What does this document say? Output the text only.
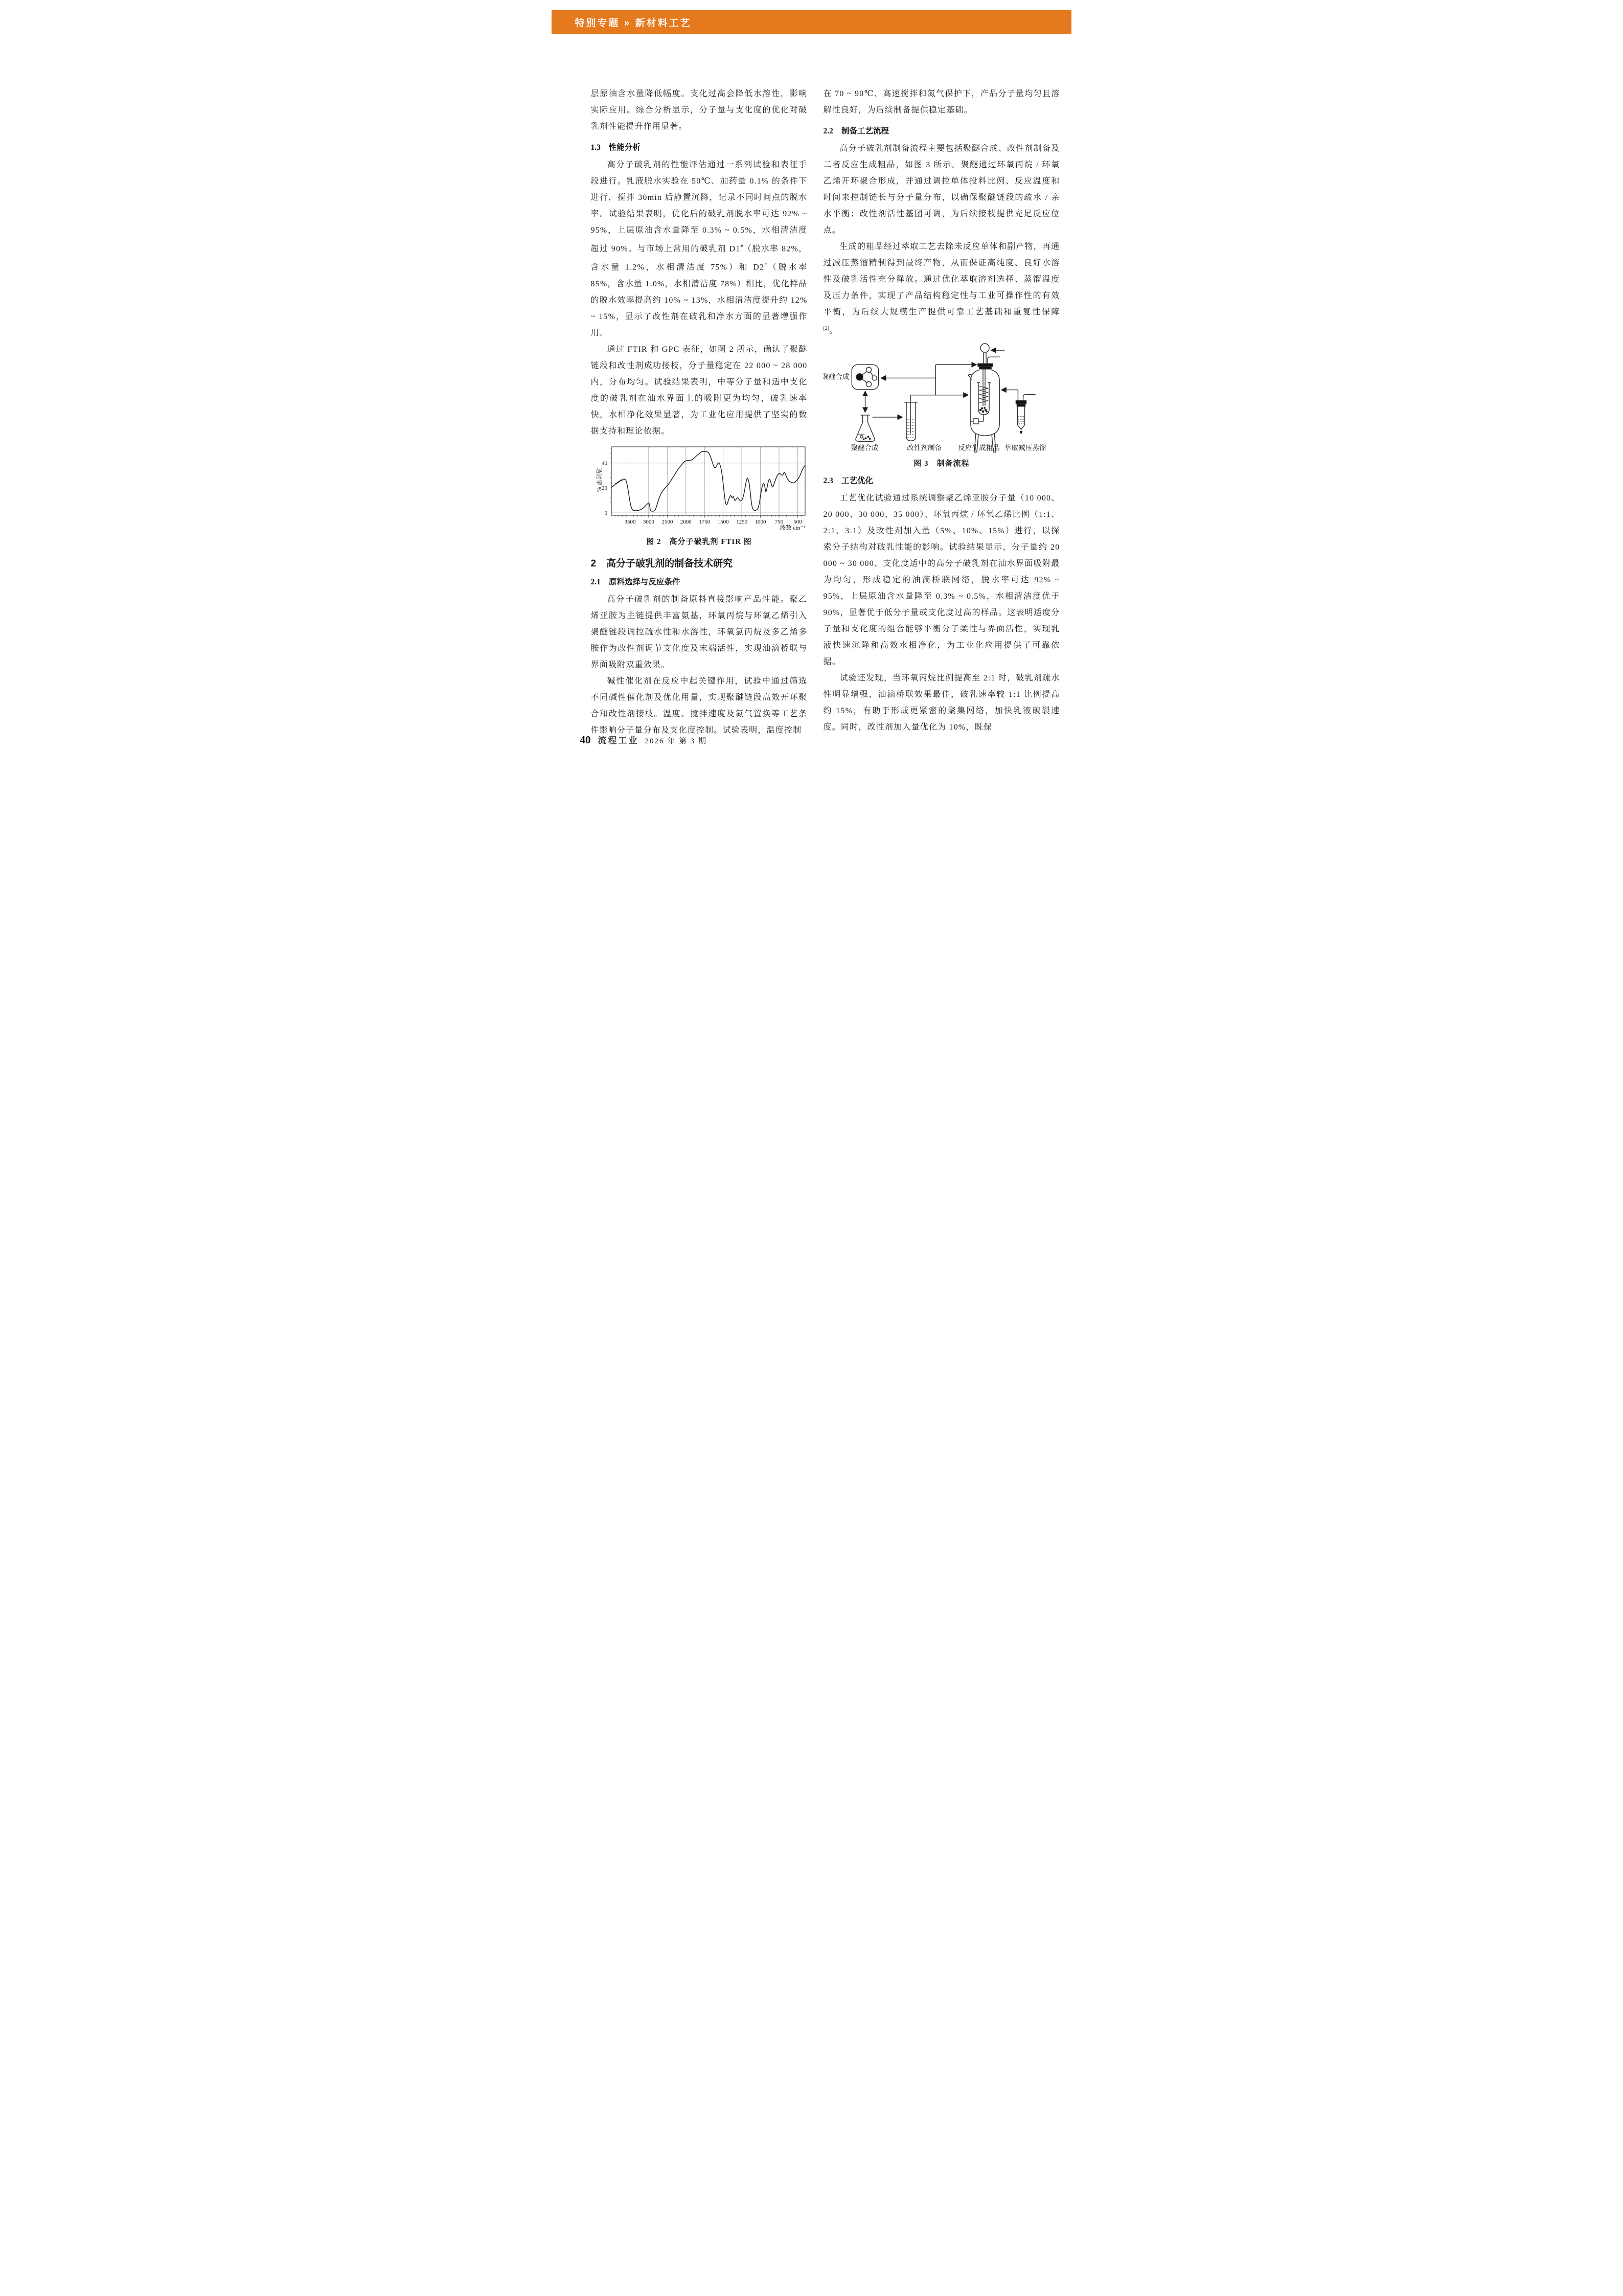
特别专题 » 新材料工艺

层原油含水量降低幅度。支化过高会降低水溶性，影响实际应用。综合分析显示，分子量与支化度的优化对破乳剂性能提升作用显著。

1.3 性能分析

高分子破乳剂的性能评估通过一系列试验和表征手段进行。乳液脱水实验在 50℃、加药量 0.1% 的条件下进行，搅拌 30min 后静置沉降，记录不同时间点的脱水率。试验结果表明，优化后的破乳剂脱水率可达 92% ~ 95%，上层原油含水量降至 0.3% ~ 0.5%，水相清洁度超过 90%。与市场上常用的破乳剂 D1#（脱水率 82%，含水量 1.2%，水相清洁度 75%）和 D2#（脱水率 85%，含水量 1.0%，水相清洁度 78%）相比，优化样品的脱水效率提高约 10% ~ 13%，水相清洁度提升约 12% ~ 15%，显示了改性剂在破乳和净水方面的显著增强作用。

通过 FTIR 和 GPC 表征，如图 2 所示，确认了聚醚链段和改性剂成功接枝，分子量稳定在 22 000 ~ 28 000 内，分布均匀。试验结果表明，中等分子量和适中支化度的破乳剂在油水界面上的吸附更为均匀，破乳速率快，水相净化效果显著，为工业化应用提供了坚实的数据支持和理论依据。

0
20
40
3500 3000 2500 2000 1750 1500 1250 1000 750 500
透过率 %
波数 cm⁻¹
图 2　高分子破乳剂 FTIR 图
2 高分子破乳剂的制备技术研究
2.1 原料选择与反应条件

高分子破乳剂的制备原料直接影响产品性能。聚乙烯亚胺为主链提供丰富氨基，环氧丙烷与环氧乙烯引入聚醚链段调控疏水性和水溶性，环氧氯丙烷及多乙烯多胺作为改性剂调节支化度及末端活性，实现油滴桥联与界面吸附双重效果。

碱性催化剂在反应中起关键作用，试验中通过筛选不同碱性催化剂及优化用量，实现聚醚链段高效开环聚合和改性剂接枝。温度、搅拌速度及氮气置换等工艺条件影响分子量分布及支化度控制。试验表明，温度控制

在 70 ~ 90℃、高速搅拌和氮气保护下，产品分子量均匀且溶解性良好，为后续制备提供稳定基础。

2.2 制备工艺流程

高分子破乳剂制备流程主要包括聚醚合成、改性剂制备及二者反应生成粗品，如图 3 所示。聚醚通过环氧丙烷 / 环氧乙烯开环聚合形成，并通过调控单体投料比例、反应温度和时间来控制链长与分子量分布，以确保聚醚链段的疏水 / 亲水平衡；改性剂活性基团可调，为后续接枝提供充足反应位点。

生成的粗品经过萃取工艺去除未反应单体和副产物，再通过减压蒸馏精制得到最终产物，从而保证高纯度、良好水溶性及破乳活性充分释放。通过优化萃取溶剂选择、蒸馏温度及压力条件，实现了产品结构稳定性与工业可操作性的有效平衡，为后续大规模生产提供可靠工艺基础和重复性保障 [2]。

聚醚合成
聚醚合成	改性剂制备 反应生成粗品 萃取减压蒸馏
图 3　制备流程
2.3 工艺优化

工艺优化试验通过系统调整聚乙烯亚胺分子量（10 000、20 000、30 000、35 000）、环氧丙烷 / 环氧乙烯比例（1:1、2:1、3:1）及改性剂加入量（5%、10%、15%）进行，以探索分子结构对破乳性能的影响。试验结果显示，分子量约 20 000 ~ 30 000、支化度适中的高分子破乳剂在油水界面吸附最为均匀，形成稳定的油滴桥联网络，脱水率可达 92% ~ 95%，上层原油含水量降至 0.3% ~ 0.5%，水相清洁度优于 90%，显著优于低分子量或支化度过高的样品。这表明适度分子量和支化度的组合能够平衡分子柔性与界面活性，实现乳液快速沉降和高效水相净化，为工业化应用提供了可靠依据。

试验还发现，当环氧丙烷比例提高至 2:1 时，破乳剂疏水性明显增强，油滴桥联效果最佳，破乳速率较 1:1 比例提高约 15%，有助于形成更紧密的聚集网络，加快乳液破裂速度。同时，改性剂加入量优化为 10%，既保

40 流程工业 2026 年 第 3 期
